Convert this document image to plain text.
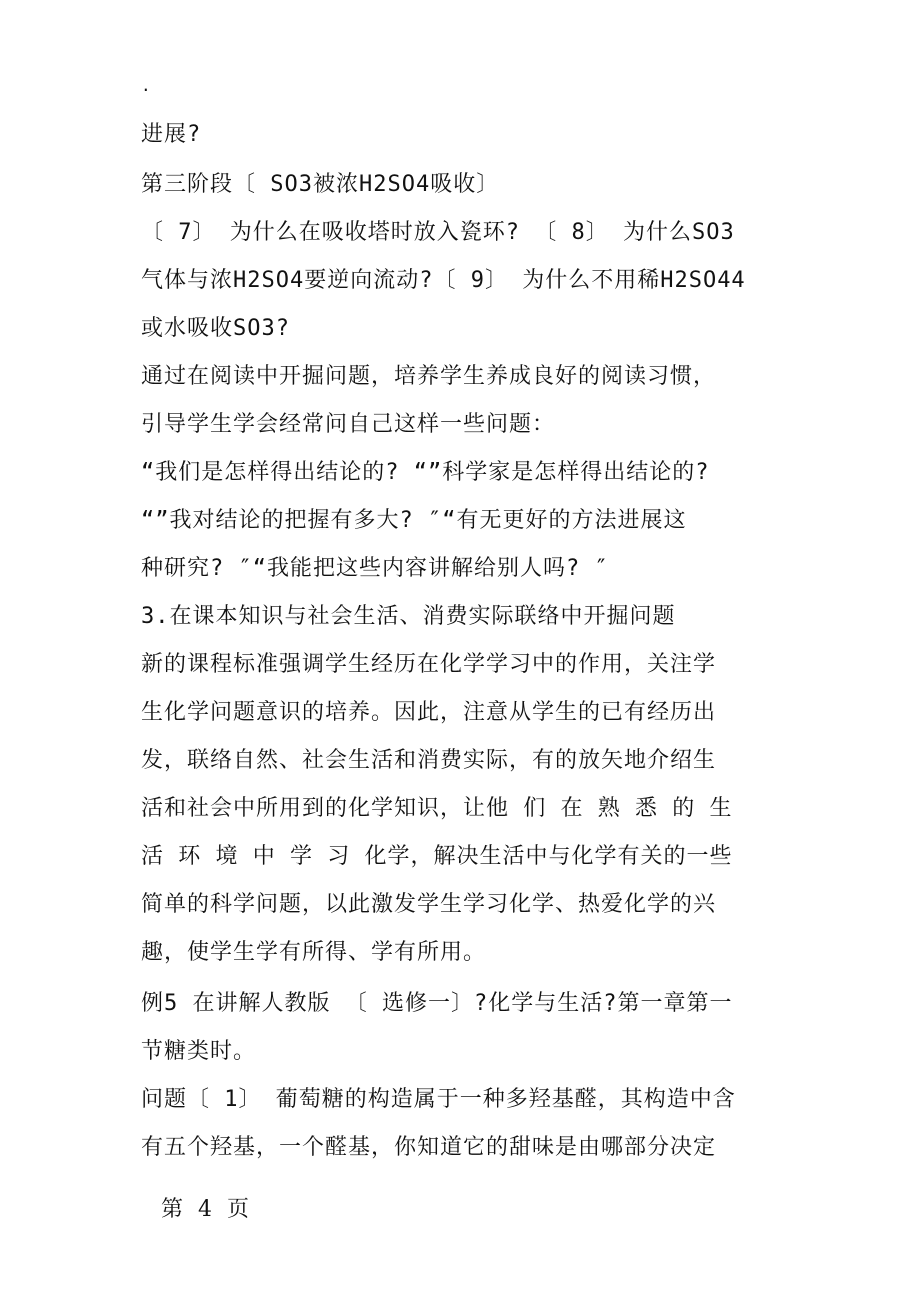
.
进展?
第三阶段〔 SO3被浓H2SO4吸收〕
〔 7〕 为什么在吸收塔时放入瓷环? 〔 8〕 为什么SO3
气体与浓H2SO4要逆向流动?〔 9〕 为什么不用稀H2SO44
或水吸收SO3?
通过在阅读中开掘问题，培养学生养成良好的阅读习惯，
引导学生学会经常问自己这样一些问题：
“我们是怎样得出结论的? “”科学家是怎样得出结论的?
“”我对结论的把握有多大? ″“有无更好的方法进展这
种研究? ″“我能把这些内容讲解给别人吗? ″
3.在课本知识与社会生活、消费实际联络中开掘问题
新的课程标准强调学生经历在化学学习中的作用，关注学
生化学问题意识的培养。因此，注意从学生的已有经历出
发，联络自然、社会生活和消费实际，有的放矢地介绍生
活和社会中所用到的化学知识，让他 们 在 熟 悉 的 生
活 环 境 中 学 习 化学，解决生活中与化学有关的一些
简单的科学问题，以此激发学生学习化学、热爱化学的兴
趣，使学生学有所得、学有所用。
例5 在讲解人教版 〔 选修一〕?化学与生活?第一章第一
节糖类时。
问题〔 1〕 葡萄糖的构造属于一种多羟基醛，其构造中含
有五个羟基，一个醛基，你知道它的甜味是由哪部分决定
第 4 页
